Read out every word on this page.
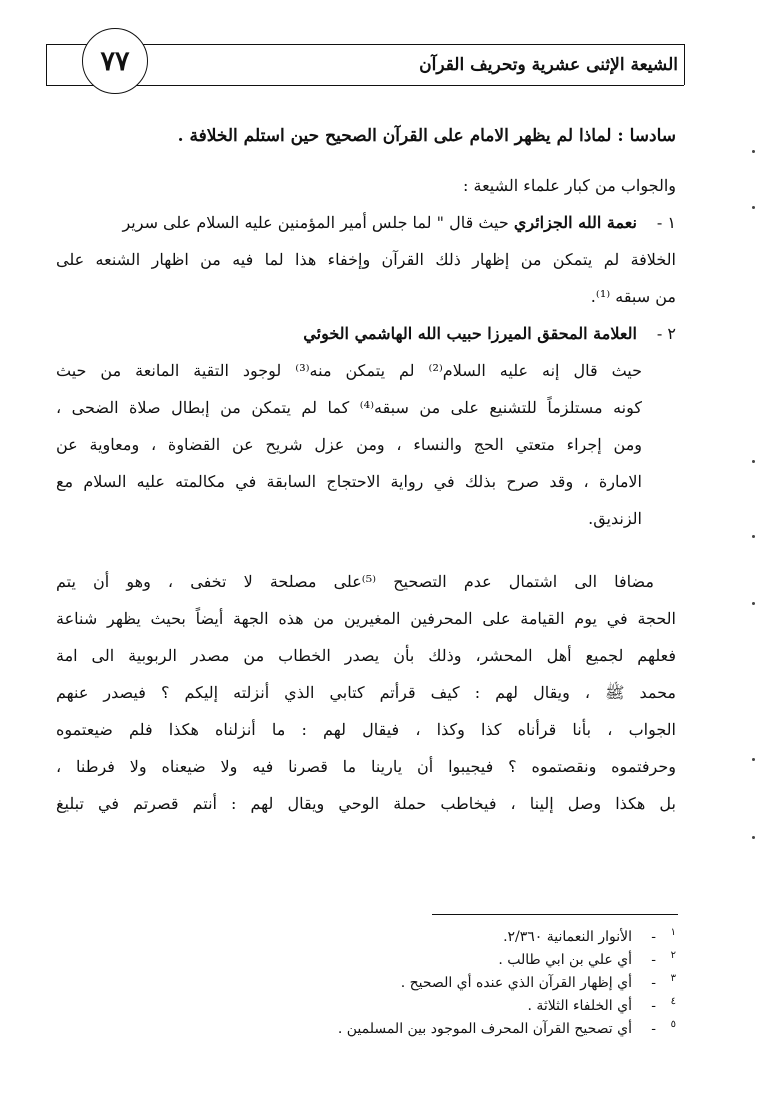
٧٧	الشيعة الإثنى عشرية وتحريف القرآن
سادسا : لماذا لم يظهر الامام على القرآن الصحيح حين استلم الخلافة .
والجواب من كبار علماء الشيعة :
١ - نعمة الله الجزائري حيث قال " لما جلس أمير المؤمنين عليه السلام على سرير
الخلافة لم يتمكن من إظهار ذلك القرآن وإخفاء هذا لما فيه من اظهار الشنعه على
من سبقه ⁽¹⁾.
٢ - العلامة المحقق الميرزا حبيب الله الهاشمي الخوئي
حيث قال إنه عليه السلام⁽²⁾ لم يتمكن منه⁽³⁾ لوجود التقية المانعة من حيث
كونه مستلزماً للتشنيع على من سبقه⁽⁴⁾ كما لم يتمكن من إبطال صلاة الضحى ،
ومن إجراء متعتي الحج والنساء ، ومن عزل شريح عن القضاوة ، ومعاوية عن
الامارة ، وقد صرح بذلك في رواية الاحتجاج السابقة في مكالمته عليه السلام مع
الزنديق.
مضافا الى اشتمال عدم التصحيح ⁽⁵⁾على مصلحة لا تخفى ، وهو أن يتم
الحجة في يوم القيامة على المحرفين المغيرين من هذه الجهة أيضاً بحيث يظهر شناعة
فعلهم لجميع أهل المحشر، وذلك بأن يصدر الخطاب من مصدر الربوبية الى امة
محمد ﷺ ، ويقال لهم : كيف قرأتم كتابي الذي أنزلته إليكم ؟ فيصدر عنهم
الجواب ، بأنا قرأناه كذا وكذا ، فيقال لهم : ما أنزلناه هكذا فلم ضيعتموه
وحرفتموه ونقصتموه ؟ فيجيبوا أن يارينا ما قصرنا فيه ولا ضيعناه ولا فرطنا ،
بل هكذا وصل إلينا ، فيخاطب حملة الوحي ويقال لهم : أنتم قصرتم في تبليغ
١-الأنوار النعمانية ٢/٣٦٠.
٢-أي علي بن ابي طالب .
٣-أي إظهار القرآن الذي عنده أي الصحيح .
٤-أي الخلفاء الثلاثة .
٥-أي تصحيح القرآن المحرف الموجود بين المسلمين .
